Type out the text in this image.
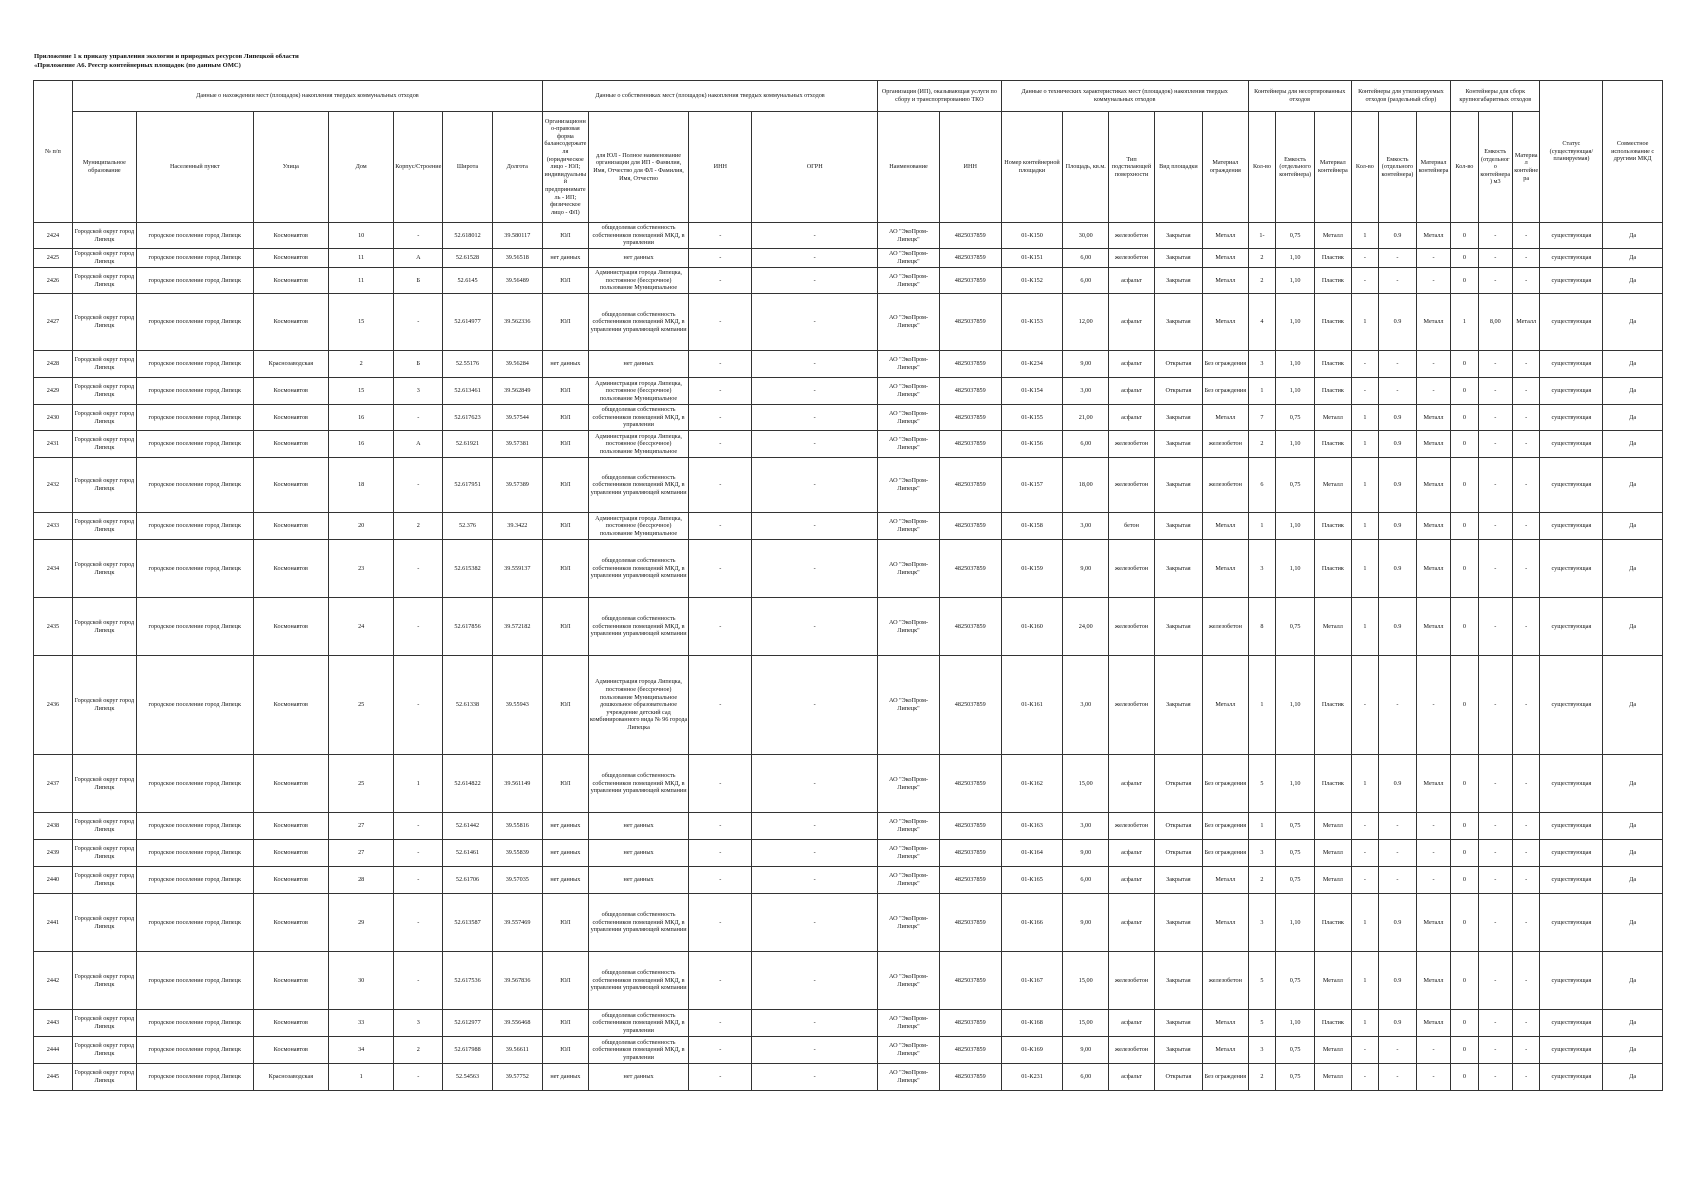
Приложение 1 к приказу управления экологии и природных ресурсов Липецкой области
«Приложение А6. Реестр контейнерных площадок (по данным ОМС)
№ п/п	Данные о нахождении мест (площадок) накопления твердых коммунальных отходов							Данные о собственниках мест (площадок) накопления твердых коммунальных отходов				Организация (ИП), оказывающая услуги по сбору и транспортированию ТКО		Данные о технических характеристиках мест (площадок) накопления твердых коммунальных отходов					Контейнеры для несортированных отходов			Контейнеры для утилизируемых отходов (раздельный сбор)			Контейнеры для сборк крупногабаритных отходов			Статус (существующая/планируемая)	Совместное использование с другими МКД
	Муниципальное образование	Населенный пункт	Улица	Дом	Корпус/Строение	Широта	Долгота	Организационно-правовая форма балансодержателя (юридическое лицо - ЮЛ; индивидуальный предприниматель - ИП; физическое лицо - ФЛ)	для ЮЛ - Полное наименование организации для ИП - Фамилия, Имя, Отчество для ФЛ - Фамилия, Имя, Отчество	ИНН	ОГРН	Наименование	ИНН	Номер контейнерной площадки	Площадь, кв.м.	Тип подстилающей поверхности	Вид площадки	Материал ограждения	Кол-во	Емкость (отдельного контейнера)	Материал контейнера	Кол-во	Емкость (отдельного контейнера)	Материал контейнера	Кол-во	Емкость (отдельного контейнера) м3	Материал контейнера		
2424	Городской округ город Липецк	городское поселение город Липецк	Космонавтов	10	-	52.618012	39.580117	ЮЛ	общедолевая собственность собственников помещений МКД, в управлении	-	-	АО "ЭкоПром-Липецк"	4825037859	01-К150	30,00	железобетон	Закрытая	Металл	1-	0,75	Металл	1	0.9	Металл	0	-	-	существующая	Да
2425	Городской округ город Липецк	городское поселение город Липецк	Космонавтов	11	А	52.61528	39.56518	нет данных	нет данных	-	-	АО "ЭкоПром-Липецк"	4825037859	01-К151	6,00	железобетон	Закрытая	Металл	2	1,10	Пластик	-	-	-	0	-	-	существующая	Да
2426	Городской округ город Липецк	городское поселение город Липецк	Космонавтов	11	Б	52.6145	39.56489	ЮЛ	Администрация города Липецка, постоянное (бессрочное) пользование Муниципальное	-	-	АО "ЭкоПром-Липецк"	4825037859	01-К152	6,00	асфальт	Закрытая	Металл	2	1,10	Пластик	-	-	-	0	-	-	существующая	Да
2427	Городской округ город Липецк	городское поселение город Липецк	Космонавтов	15	-	52.614977	39.562336	ЮЛ	общедолевая собственность собственников помещений МКД, в управлении управляющей компании	-	-	АО "ЭкоПром-Липецк"	4825037859	01-К153	12,00	асфальт	Закрытая	Металл	4	1,10	Пластик	1	0.9	Металл	1	8,00	Металл	существующая	Да
2428	Городской округ город Липецк	городское поселение город Липецк	Краснозаводская	2	Б	52.55176	39.56284	нет данных	нет данных	-	-	АО "ЭкоПром-Липецк"	4825037859	01-К234	9,00	асфальт	Открытая	Без ограждения	3	1,10	Пластик	-	-	-	0	-	-	существующая	Да
2429	Городской округ город Липецк	городское поселение город Липецк	Космонавтов	15	3	52.613461	39.562849	ЮЛ	Администрация города Липецка, постоянное (бессрочное) пользование Муниципальное	-	-	АО "ЭкоПром-Липецк"	4825037859	01-К154	3,00	асфальт	Открытая	Без ограждения	1	1,10	Пластик	-	-	-	0	-	-	существующая	Да
2430	Городской округ город Липецк	городское поселение город Липецк	Космонавтов	16	-	52.617623	39.57544	ЮЛ	общедолевая собственность собственников помещений МКД, в управлении	-	-	АО "ЭкоПром-Липецк"	4825037859	01-К155	21,00	асфальт	Закрытая	Металл	7	0,75	Металл	1	0.9	Металл	0	-	-	существующая	Да
2431	Городской округ город Липецк	городское поселение город Липецк	Космонавтов	16	А	52.61921	39.57381	ЮЛ	Администрация города Липецка, постоянное (бессрочное) пользование Муниципальное	-	-	АО "ЭкоПром-Липецк"	4825037859	01-К156	6,00	железобетон	Закрытая	железобетон	2	1,10	Пластик	1	0.9	Металл	0	-	-	существующая	Да
2432	Городской округ город Липецк	городское поселение город Липецк	Космонавтов	18	-	52.617951	39.57389	ЮЛ	общедолевая собственность собственников помещений МКД, в управлении управляющей компании	-	-	АО "ЭкоПром-Липецк"	4825037859	01-К157	18,00	железобетон	Закрытая	железобетон	6	0,75	Металл	1	0.9	Металл	0	-	-	существующая	Да
2433	Городской округ город Липецк	городское поселение город Липецк	Космонавтов	20	2	52.376	39.3422	ЮЛ	Администрация города Липецка, постоянное (бессрочное) пользование Муниципальное	-	-	АО "ЭкоПром-Липецк"	4825037859	01-К158	3,00	бетон	Закрытая	Металл	1	1,10	Пластик	1	0.9	Металл	0	-	-	существующая	Да
2434	Городской округ город Липецк	городское поселение город Липецк	Космонавтов	23	-	52.615382	39.559137	ЮЛ	общедолевая собственность собственников помещений МКД, в управлении управляющей компании	-	-	АО "ЭкоПром-Липецк"	4825037859	01-К159	9,00	железобетон	Закрытая	Металл	3	1,10	Пластик	1	0.9	Металл	0	-	-	существующая	Да
2435	Городской округ город Липецк	городское поселение город Липецк	Космонавтов	24	-	52.617856	39.572182	ЮЛ	общедолевая собственность собственников помещений МКД, в управлении управляющей компании	-	-	АО "ЭкоПром-Липецк"	4825037859	01-К160	24,00	железобетон	Закрытая	железобетон	8	0,75	Металл	1	0.9	Металл	0	-	-	существующая	Да
2436	Городской округ город Липецк	городское поселение город Липецк	Космонавтов	25	-	52.61338	39.55943	ЮЛ	Администрация города Липецка, постоянное (бессрочное) пользование Муниципальное дошкольное образовательное учреждение детский сад комбинированного вида № 96 города Липецка	-	-	АО "ЭкоПром-Липецк"	4825037859	01-К161	3,00	железобетон	Закрытая	Металл	1	1,10	Пластик	-	-	-	0	-	-	существующая	Да
2437	Городской округ город Липецк	городское поселение город Липецк	Космонавтов	25	1	52.614822	39.561149	ЮЛ	общедолевая собственность собственников помещений МКД, в управлении управляющей компании	-	-	АО "ЭкоПром-Липецк"	4825037859	01-К162	15,00	асфальт	Открытая	Без ограждения	5	1,10	Пластик	1	0.9	Металл	0	-	-	существующая	Да
2438	Городской округ город Липецк	городское поселение город Липецк	Космонавтов	27	-	52.61442	39.55816	нет данных	нет данных	-	-	АО "ЭкоПром-Липецк"	4825037859	01-К163	3,00	железобетон	Открытая	Без ограждения	1	0,75	Металл	-	-	-	0	-	-	существующая	Да
2439	Городской округ город Липецк	городское поселение город Липецк	Космонавтов	27	-	52.61461	39.55839	нет данных	нет данных	-	-	АО "ЭкоПром-Липецк"	4825037859	01-К164	9,00	асфальт	Открытая	Без ограждения	3	0,75	Металл	-	-	-	0	-	-	существующая	Да
2440	Городской округ город Липецк	городское поселение город Липецк	Космонавтов	28	-	52.61706	39.57035	нет данных	нет данных	-	-	АО "ЭкоПром-Липецк"	4825037859	01-К165	6,00	асфальт	Закрытая	Металл	2	0,75	Металл	-	-	-	0	-	-	существующая	Да
2441	Городской округ город Липецк	городское поселение город Липецк	Космонавтов	29	-	52.613587	39.557469	ЮЛ	общедолевая собственность собственников помещений МКД, в управлении управляющей компании	-	-	АО "ЭкоПром-Липецк"	4825037859	01-К166	9,00	асфальт	Закрытая	Металл	3	1,10	Пластик	1	0.9	Металл	0	-	-	существующая	Да
2442	Городской округ город Липецк	городское поселение город Липецк	Космонавтов	30	-	52.617536	39.567836	ЮЛ	общедолевая собственность собственников помещений МКД, в управлении управляющей компании	-	-	АО "ЭкоПром-Липецк"	4825037859	01-К167	15,00	железобетон	Закрытая	железобетон	5	0,75	Металл	1	0.9	Металл	0	-	-	существующая	Да
2443	Городской округ город Липецк	городское поселение город Липецк	Космонавтов	33	3	52.612977	39.556468	ЮЛ	общедолевая собственность собственников помещений МКД, в управлении	-	-	АО "ЭкоПром-Липецк"	4825037859	01-К168	15,00	асфальт	Закрытая	Металл	5	1,10	Пластик	1	0.9	Металл	0	-	-	существующая	Да
2444	Городской округ город Липецк	городское поселение город Липецк	Космонавтов	34	2	52.617988	39.56611	ЮЛ	общедолевая собственность собственников помещений МКД, в управлении	-	-	АО "ЭкоПром-Липецк"	4825037859	01-К169	9,00	железобетон	Закрытая	Металл	3	0,75	Металл	-	-	-	0	-	-	существующая	Да
2445	Городской округ город Липецк	городское поселение город Липецк	Краснозаводская	1	-	52.54563	39.57752	нет данных	нет данных	-	-	АО "ЭкоПром-Липецк"	4825037859	01-К231	6,00	асфальт	Открытая	Без ограждения	2	0,75	Металл	-	-	-	0	-	-	существующая	Да
